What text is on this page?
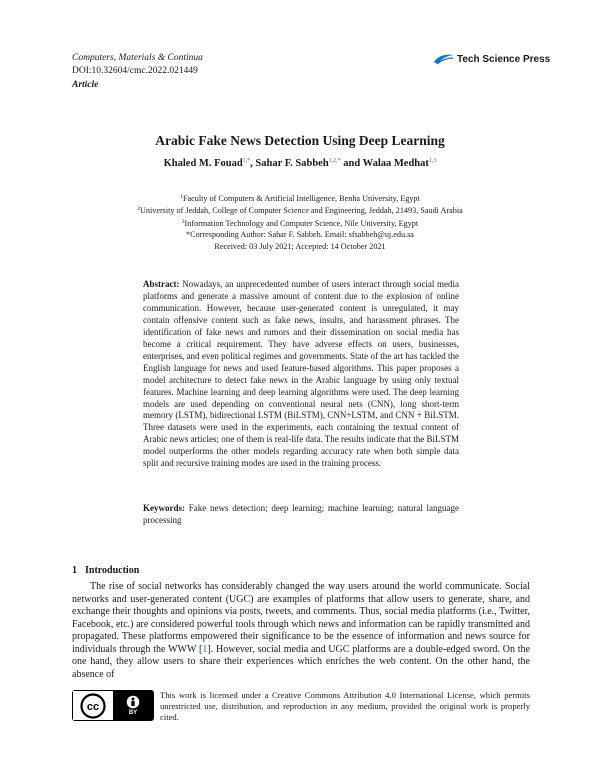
Computers, Materials & Continua
DOI:10.32604/cmc.2022.021449
Article
Tech Science Press
Arabic Fake News Detection Using Deep Learning
Khaled M. Fouad$^{1,*}$, Sahar F. Sabbeh$^{1,2,*}$ and Walaa Medhat$^{1,3}$
$^1$Faculty of Computers & Artificial Intelligence, Benha University, Egypt
$^2$University of Jeddah, College of Computer Science and Engineering, Jeddah, 21493, Saudi Arabia
$^3$Information Technology and Computer Science, Nile University, Egypt
*Corresponding Author: Sahar F. Sabbeh. Email: sfsabbeh@uj.edu.sa
Received: 03 July 2021; Accepted: 14 October 2021
Abstract: Nowadays, an unprecedented number of users interact through social media platforms and generate a massive amount of content due to the explosion of online communication. However, because user-generated content is unregulated, it may contain offensive content such as fake news, insults, and harassment phrases. The identification of fake news and rumors and their dissemination on social media has become a critical requirement. They have adverse effects on users, businesses, enterprises, and even political regimes and governments. State of the art has tackled the English language for news and used feature-based algorithms. This paper proposes a model architecture to detect fake news in the Arabic language by using only textual features. Machine learning and deep learning algorithms were used. The deep learning models are used depending on conventional neural nets (CNN), long short-term memory (LSTM), bidirectional LSTM (BiLSTM), CNN+LSTM, and CNN + BiLSTM. Three datasets were used in the experiments, each containing the textual content of Arabic news articles; one of them is real-life data. The results indicate that the BiLSTM model outperforms the other models regarding accuracy rate when both simple data split and recursive training modes are used in the training process.
Keywords: Fake news detection; deep learning; machine learning; natural language processing
1 Introduction
The rise of social networks has considerably changed the way users around the world communicate. Social networks and user-generated content (UGC) are examples of platforms that allow users to generate, share, and exchange their thoughts and opinions via posts, tweets, and comments. Thus, social media platforms (i.e., Twitter, Facebook, etc.) are considered powerful tools through which news and information can be rapidly transmitted and propagated. These platforms empowered their significance to be the essence of information and news source for individuals through the WWW [1]. However, social media and UGC platforms are a double-edged sword. On the one hand, they allow users to share their experiences which enriches the web content. On the other hand, the absence of
cc
BY
This work is licensed under a Creative Commons Attribution 4.0 International License, which permits unrestricted use, distribution, and reproduction in any medium, provided the original work is properly cited.
